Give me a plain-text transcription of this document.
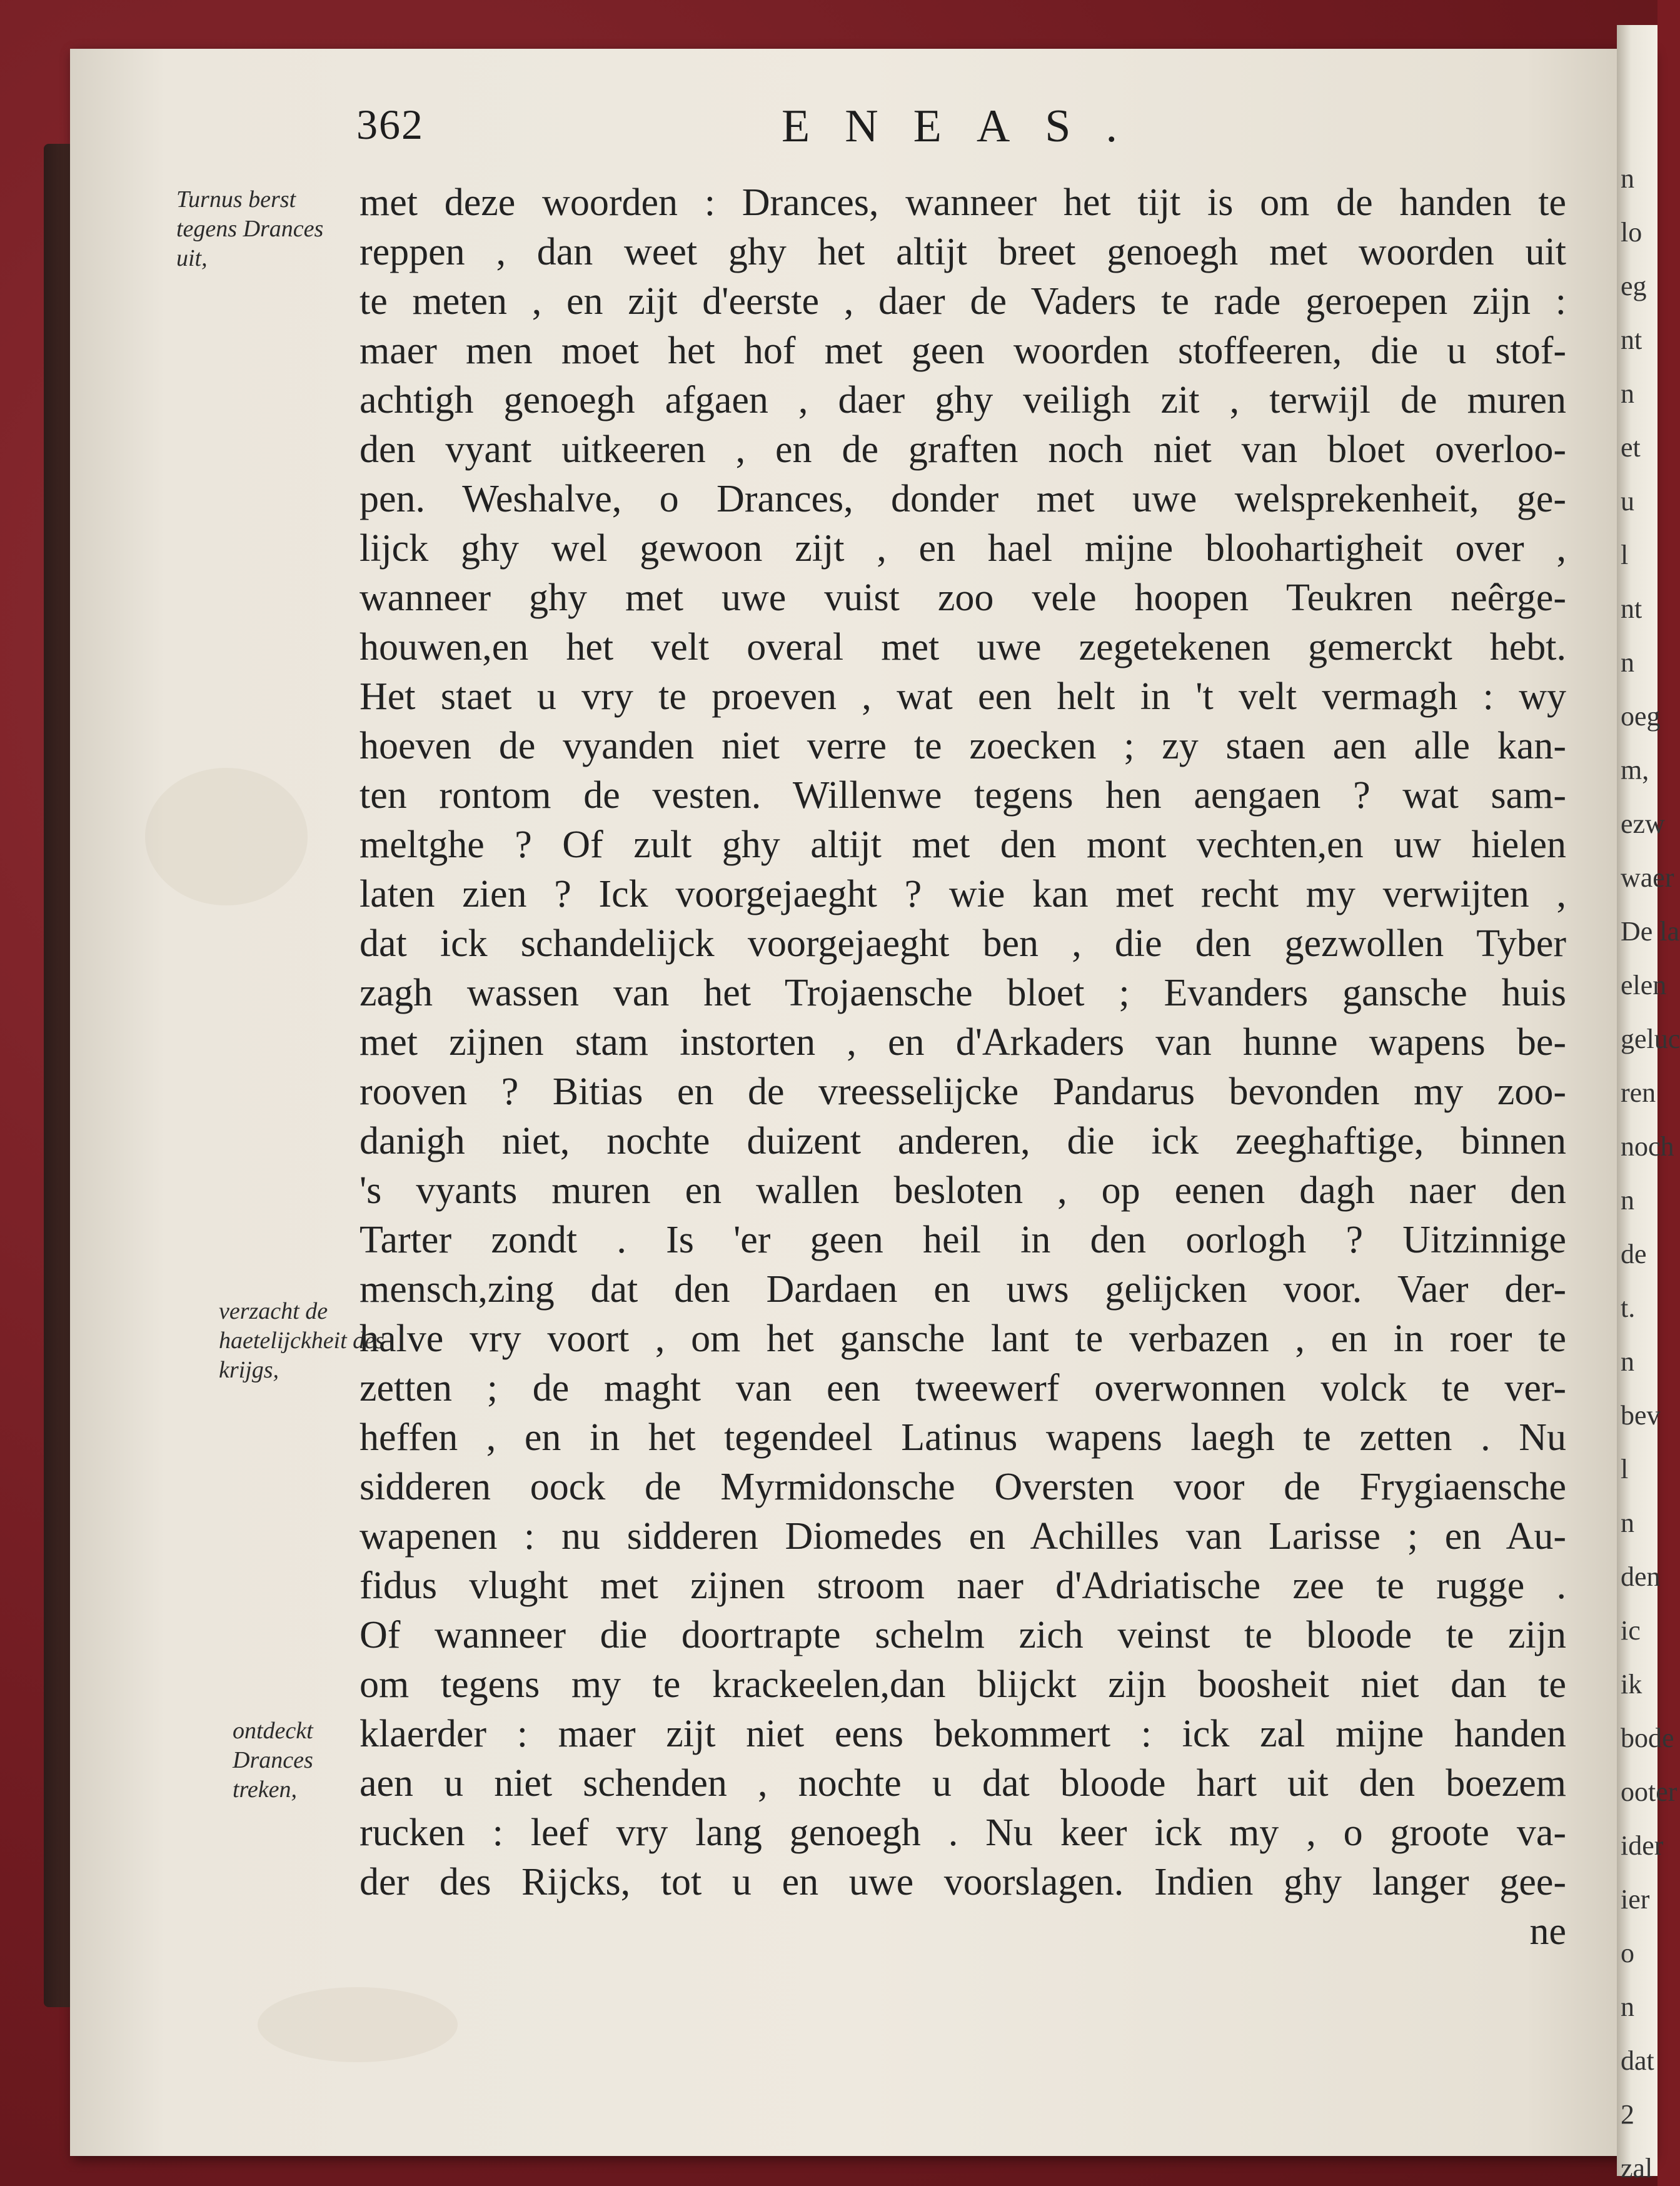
n
lo
eg
nt
n
et
u
l
nt
n
oeg
m,
ezw
waer
De la
elen
geluc
ren
noch
n
de
t.
n
bev
l
n
den
ic
ik
bode
ooter
ider
ier
o
n
dat
2
zal
362	ENEAS.
Turnus berst tegens Drances uit,
verzacht de haetelijckheit des krijgs,
ontdeckt Drances treken,
met deze woorden : Drances, wanneer het tijt is om de handen te
reppen , dan weet ghy het altijt breet genoegh met woorden uit
te meten , en zijt d'eerste , daer de Vaders te rade geroepen zijn :
maer men moet het hof met geen woorden stoffeeren, die u stof-
achtigh genoegh afgaen , daer ghy veiligh zit , terwijl de muren
den vyant uitkeeren , en de graften noch niet van bloet overloo-
pen. Weshalve, o Drances, donder met uwe welsprekenheit, ge-
lijck ghy wel gewoon zijt , en hael mijne bloohartigheit over ,
wanneer ghy met uwe vuist zoo vele hoopen Teukren neêrge-
houwen,en het velt overal met uwe zegetekenen gemerckt hebt.
Het staet u vry te proeven , wat een helt in 't velt vermagh : wy
hoeven de vyanden niet verre te zoecken ; zy staen aen alle kan-
ten rontom de vesten. Willenwe tegens hen aengaen ? wat sam-
meltghe ? Of zult ghy altijt met den mont vechten,en uw hielen
laten zien ? Ick voorgejaeght ? wie kan met recht my verwijten ,
dat ick schandelijck voorgejaeght ben , die den gezwollen Tyber
zagh wassen van het Trojaensche bloet ; Evanders gansche huis
met zijnen stam instorten , en d'Arkaders van hunne wapens be-
rooven ? Bitias en de vreesselijcke Pandarus bevonden my zoo-
danigh niet, nochte duizent anderen, die ick zeeghaftige, binnen
's vyants muren en wallen besloten , op eenen dagh naer den
Tarter zondt . Is 'er geen heil in den oorlogh ? Uitzinnige
mensch,zing dat den Dardaen en uws gelijcken voor. Vaer der-
halve vry voort , om het gansche lant te verbazen , en in roer te
zetten ; de maght van een tweewerf overwonnen volck te ver-
heffen , en in het tegendeel Latinus wapens laegh te zetten . Nu
sidderen oock de Myrmidonsche Oversten voor de Frygiaensche
wapenen : nu sidderen Diomedes en Achilles van Larisse ; en Au-
fidus vlught met zijnen stroom naer d'Adriatische zee te rugge .
Of wanneer die doortrapte schelm zich veinst te bloode te zijn
om tegens my te krackeelen,dan blijckt zijn boosheit niet dan te
klaerder : maer zijt niet eens bekommert : ick zal mijne handen
aen u niet schenden , nochte u dat bloode hart uit den boezem
rucken : leef vry lang genoegh . Nu keer ick my , o groote va-
der des Rijcks, tot u en uwe voorslagen. Indien ghy langer gee-
ne
